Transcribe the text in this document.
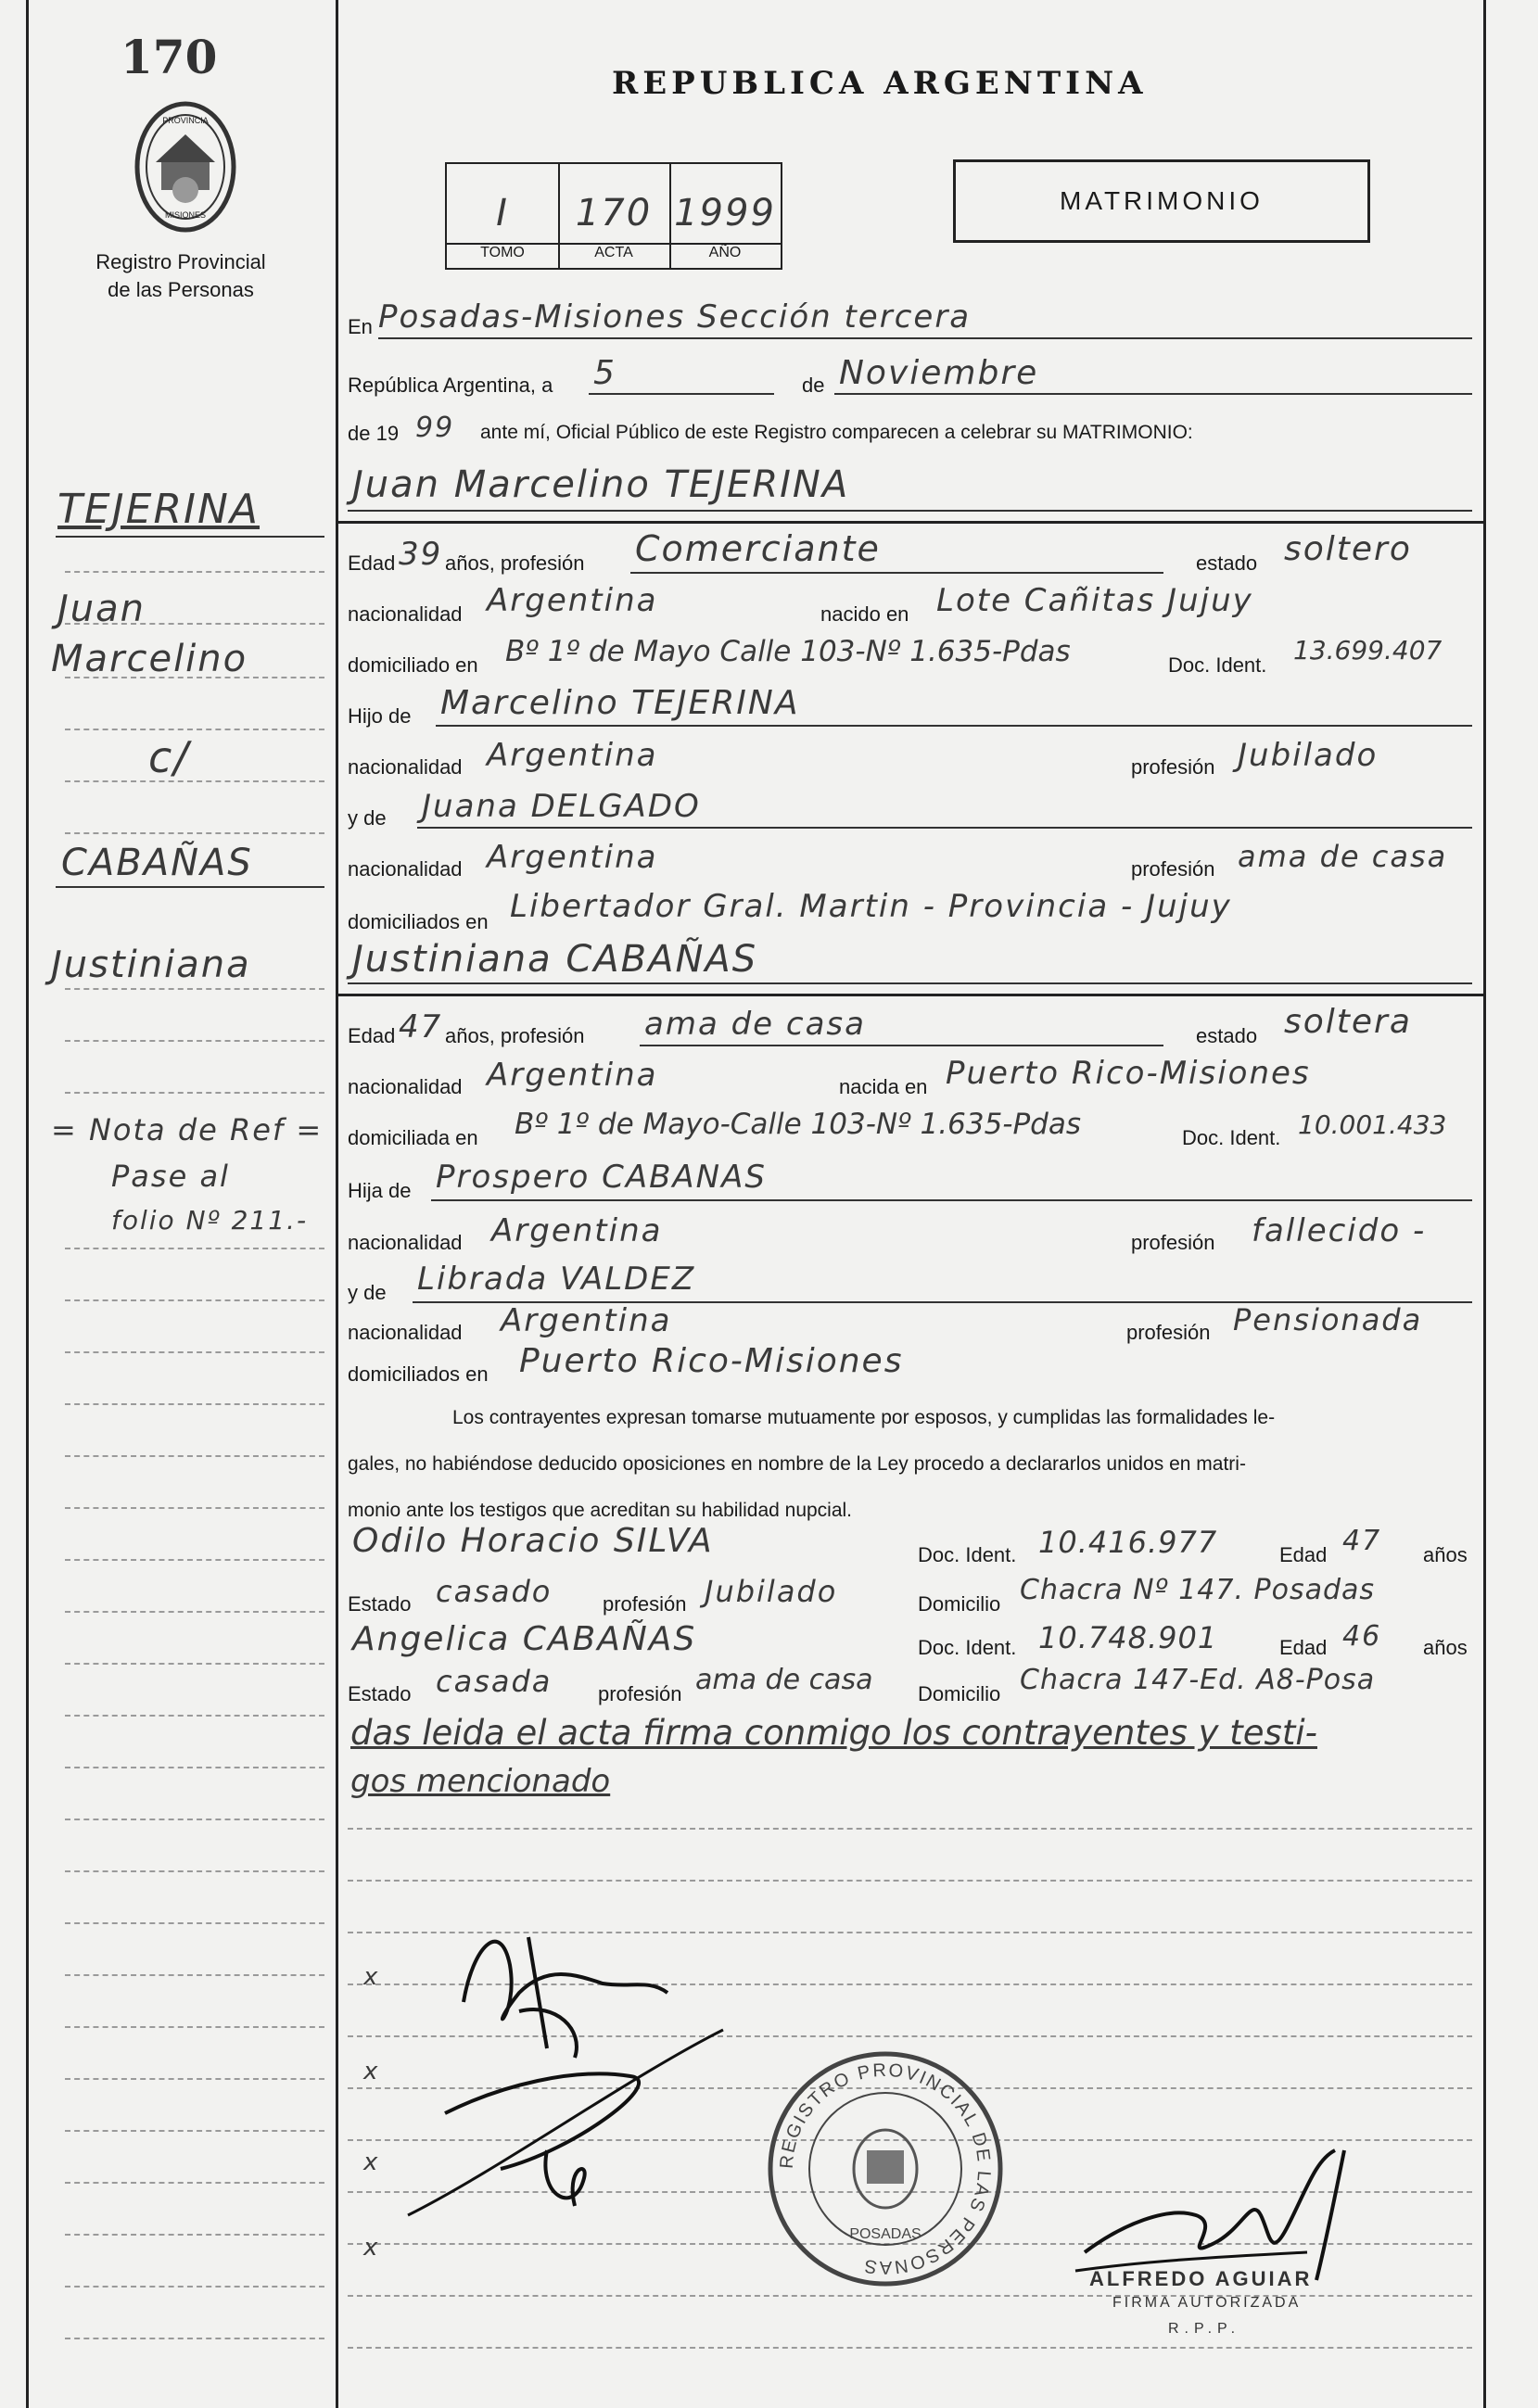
170
PROVINCIA
MISIONES
Registro Provincial
de las Personas
REPUBLICA ARGENTINA
I
TOMO
170
ACTA
1999
AÑO
MATRIMONIO
TEJERINA
Juan
Marcelino
c/
CABAÑAS
Justiniana
= Nota de Ref =
Pase al
folio Nº 211.-
En Posadas-Misiones Sección tercera
República Argentina, a 5	de Noviembre
de 19 99 ante mí, Oficial Público de este Registro comparecen a celebrar su MATRIMONIO:
Juan Marcelino TEJERINA
Edad 39 años, profesión Comerciante	estado soltero
nacionalidad Argentina	nacido en Lote Cañitas Jujuy
domiciliado en Bº 1º de Mayo Calle 103-Nº 1.635-Pdas	Doc. Ident. 13.699.407
Hijo de Marcelino TEJERINA
nacionalidad Argentina	profesión Jubilado
y de Juana DELGADO
nacionalidad Argentina	profesión ama de casa
domiciliados en Libertador Gral. Martin - Provincia - Jujuy
Justiniana CABAÑAS
Edad 47 años, profesión ama de casa	estado soltera
nacionalidad Argentina	nacida en Puerto Rico-Misiones
domiciliada en Bº 1º de Mayo-Calle 103-Nº 1.635-Pdas	Doc. Ident. 10.001.433
Hija de Prospero CABANAS
nacionalidad Argentina	profesión fallecido -
y de Librada VALDEZ
nacionalidad Argentina	profesión Pensionada
domiciliados en Puerto Rico-Misiones
Los contrayentes expresan tomarse mutuamente por esposos, y cumplidas las formalidades le-
gales, no habiéndose deducido oposiciones en nombre de la Ley procedo a declararlos unidos en matri-
monio ante los testigos que acreditan su habilidad nupcial.
Odilo Horacio SILVA	Doc. Ident. 10.416.977	Edad 47 años
Estado casado profesión Jubilado	Domicilio Chacra Nº 147. Posadas
Angelica CABAÑAS	Doc. Ident. 10.748.901	Edad 46 años
Estado casada profesión ama de casa Domicilio Chacra 147-Ed. A8-Posa
das leida el acta firma conmigo los contrayentes y testi-
gos mencionado
x
x
x
x
REGISTRO PROVINCIAL DE LAS PERSONAS
POSADAS
ALFREDO AGUIAR
FIRMA AUTORIZADA
R.P.P.
